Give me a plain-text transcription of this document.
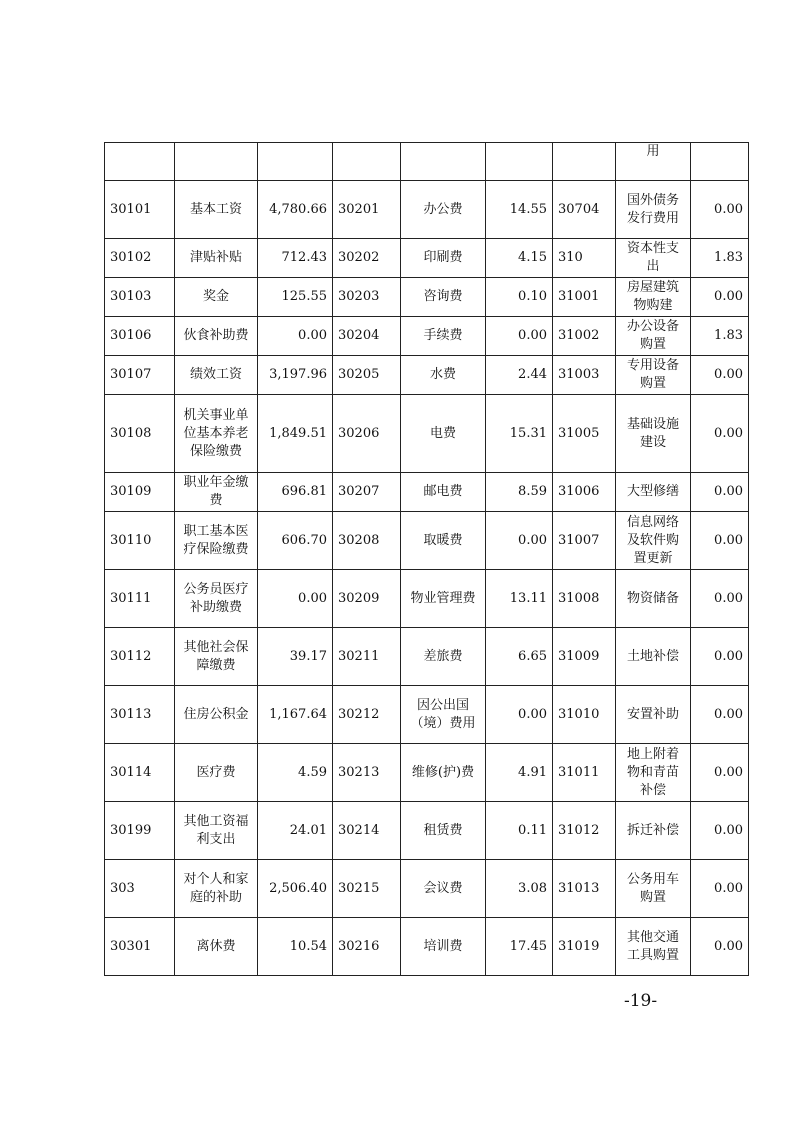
							用	
30101	基本工资	4,780.66	30201	办公费	14.55	30704	国外债务发行费用	0.00
30102	津贴补贴	712.43	30202	印刷费	4.15	310	资本性支出	1.83
30103	奖金	125.55	30203	咨询费	0.10	31001	房屋建筑物购建	0.00
30106	伙食补助费	0.00	30204	手续费	0.00	31002	办公设备购置	1.83
30107	绩效工资	3,197.96	30205	水费	2.44	31003	专用设备购置	0.00
30108	机关事业单位基本养老保险缴费	1,849.51	30206	电费	15.31	31005	基础设施建设	0.00
30109	职业年金缴费	696.81	30207	邮电费	8.59	31006	大型修缮	0.00
30110	职工基本医疗保险缴费	606.70	30208	取暖费	0.00	31007	信息网络及软件购置更新	0.00
30111	公务员医疗补助缴费	0.00	30209	物业管理费	13.11	31008	物资储备	0.00
30112	其他社会保障缴费	39.17	30211	差旅费	6.65	31009	土地补偿	0.00
30113	住房公积金	1,167.64	30212	因公出国（境）费用	0.00	31010	安置补助	0.00
30114	医疗费	4.59	30213	维修(护)费	4.91	31011	地上附着物和青苗补偿	0.00
30199	其他工资福利支出	24.01	30214	租赁费	0.11	31012	拆迁补偿	0.00
303	对个人和家庭的补助	2,506.40	30215	会议费	3.08	31013	公务用车购置	0.00
30301	离休费	10.54	30216	培训费	17.45	31019	其他交通工具购置	0.00
-19-
